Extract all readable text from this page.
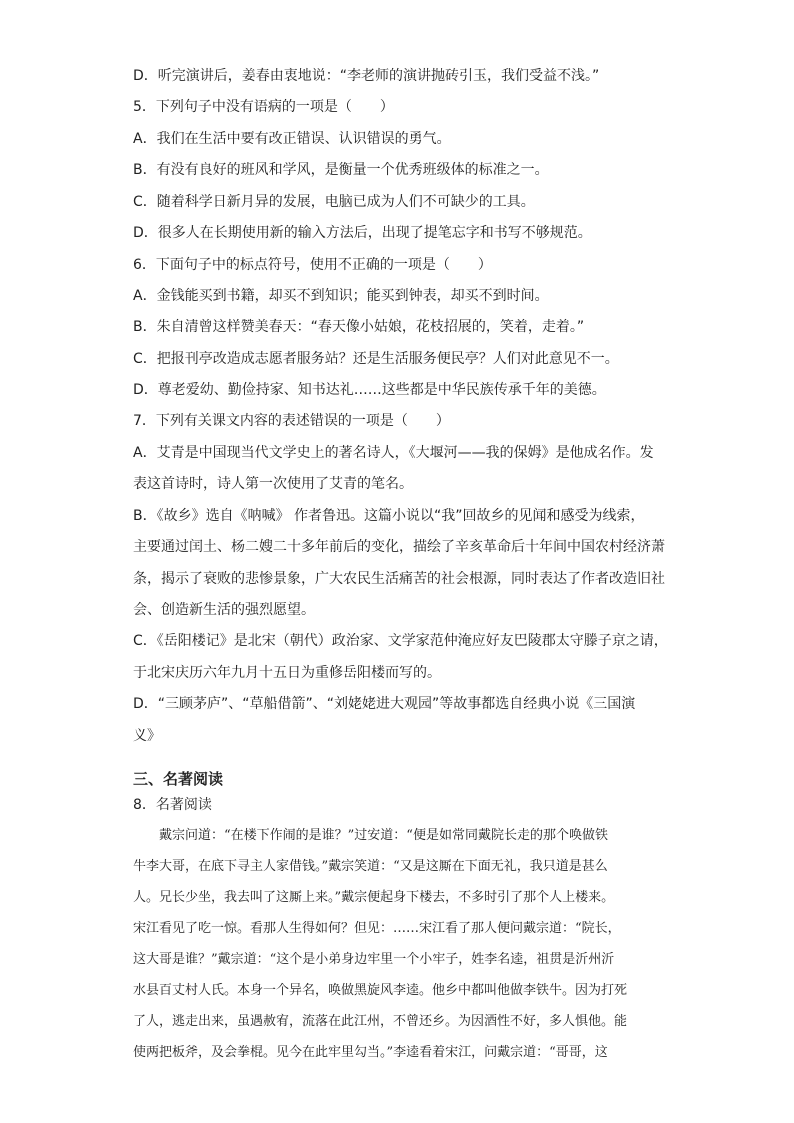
D．听完演讲后，姜春由衷地说：“李老师的演讲抛砖引玉，我们受益不浅。”
5．下列句子中没有语病的一项是（　　）
A．我们在生活中要有改正错误、认识错误的勇气。
B．有没有良好的班风和学风，是衡量一个优秀班级体的标准之一。
C．随着科学日新月异的发展，电脑已成为人们不可缺少的工具。
D．很多人在长期使用新的输入方法后，出现了提笔忘字和书写不够规范。
6．下面句子中的标点符号，使用不正确的一项是（　　）
A．金钱能买到书籍，却买不到知识；能买到钟表，却买不到时间。
B．朱自清曾这样赞美春天：“春天像小姑娘，花枝招展的，笑着，走着。”
C．把报刊亭改造成志愿者服务站？还是生活服务便民亭？人们对此意见不一。
D．尊老爱幼、勤俭持家、知书达礼……这些都是中华民族传承千年的美德。
7．下列有关课文内容的表述错误的一项是（　　）
A．艾青是中国现当代文学史上的著名诗人，《大堰河——我的保姆》是他成名作。发
表这首诗时，诗人第一次使用了艾青的笔名。
B．《故乡》选自《呐喊》 作者鲁迅。这篇小说以“我”回故乡的见闻和感受为线索，
主要通过闰土、杨二嫂二十多年前后的变化，描绘了辛亥革命后十年间中国农村经济萧
条，揭示了衰败的悲惨景象，广大农民生活痛苦的社会根源，同时表达了作者改造旧社
会、创造新生活的强烈愿望。
C．《岳阳楼记》是北宋（朝代）政治家、文学家范仲淹应好友巴陵郡太守滕子京之请，
于北宋庆历六年九月十五日为重修岳阳楼而写的。
D．“三顾茅庐”、“草船借箭”、“刘姥姥进大观园”等故事都选自经典小说《三国演
义》
三、名著阅读
8．名著阅读
　　戴宗问道：“在楼下作闹的是谁？”过安道：“便是如常同戴院长走的那个唤做铁
牛李大哥，在底下寻主人家借钱。”戴宗笑道：“又是这厮在下面无礼，我只道是甚么
人。兄长少坐，我去叫了这厮上来。”戴宗便起身下楼去，不多时引了那个人上楼来。
宋江看见了吃一惊。看那人生得如何？但见：……宋江看了那人便问戴宗道：“院长，
这大哥是谁？”戴宗道：“这个是小弟身边牢里一个小牢子，姓李名逵，祖贯是沂州沂
水县百丈村人氏。本身一个异名，唤做黑旋风李逵。他乡中都叫他做李铁牛。因为打死
了人，逃走出来，虽遇赦宥，流落在此江州，不曾还乡。为因酒性不好，多人惧他。能
使两把板斧，及会拳棍。见今在此牢里勾当。”李逵看着宋江，问戴宗道：“哥哥，这
